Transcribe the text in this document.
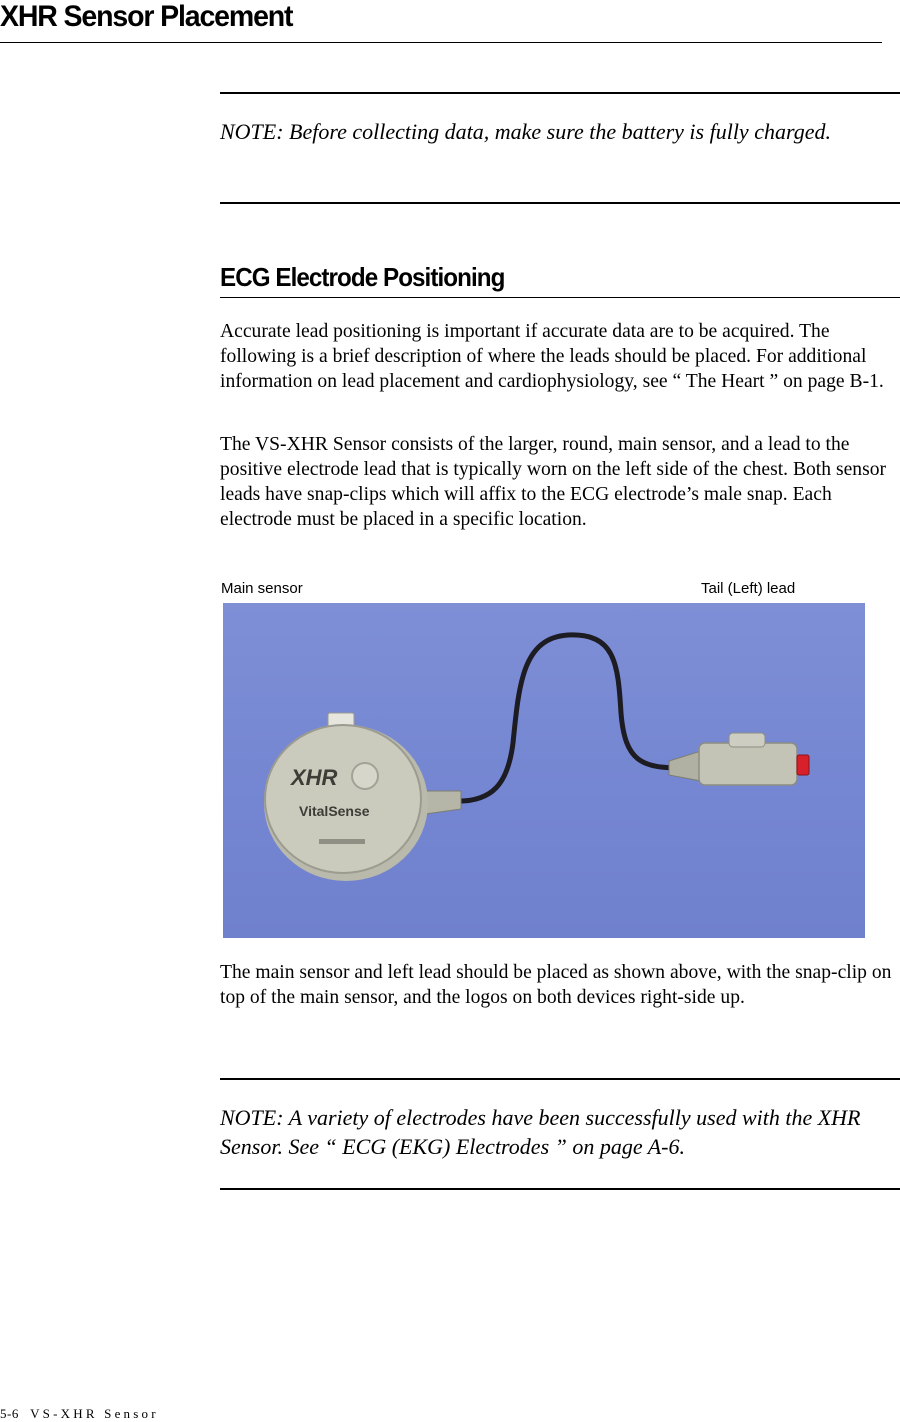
XHR Sensor Placement

NOTE: Before collecting data, make sure the battery is fully charged.

ECG Electrode Positioning

Accurate lead positioning is important if accurate data are to be acquired. The following is a brief description of where the leads should be placed. For additional information on lead placement and cardiophysiology, see “ The Heart ” on page B-1.

The VS-XHR Sensor consists of the larger, round, main sensor, and a lead to the positive electrode lead that is typically worn on the left side of the chest. Both sensor leads have snap-clips which will affix to the ECG electrode’s male snap. Each electrode must be placed in a specific location.

Main sensor	Tail (Left) lead

XHR
VitalSense

The main sensor and left lead should be placed as shown above, with the snap-clip on top of the main sensor, and the logos on both devices right-side up.

NOTE: A variety of electrodes have been successfully used with the XHR Sensor. See “ ECG (EKG) Electrodes ” on page A-6.

5-6 VS-XHR Sensor
